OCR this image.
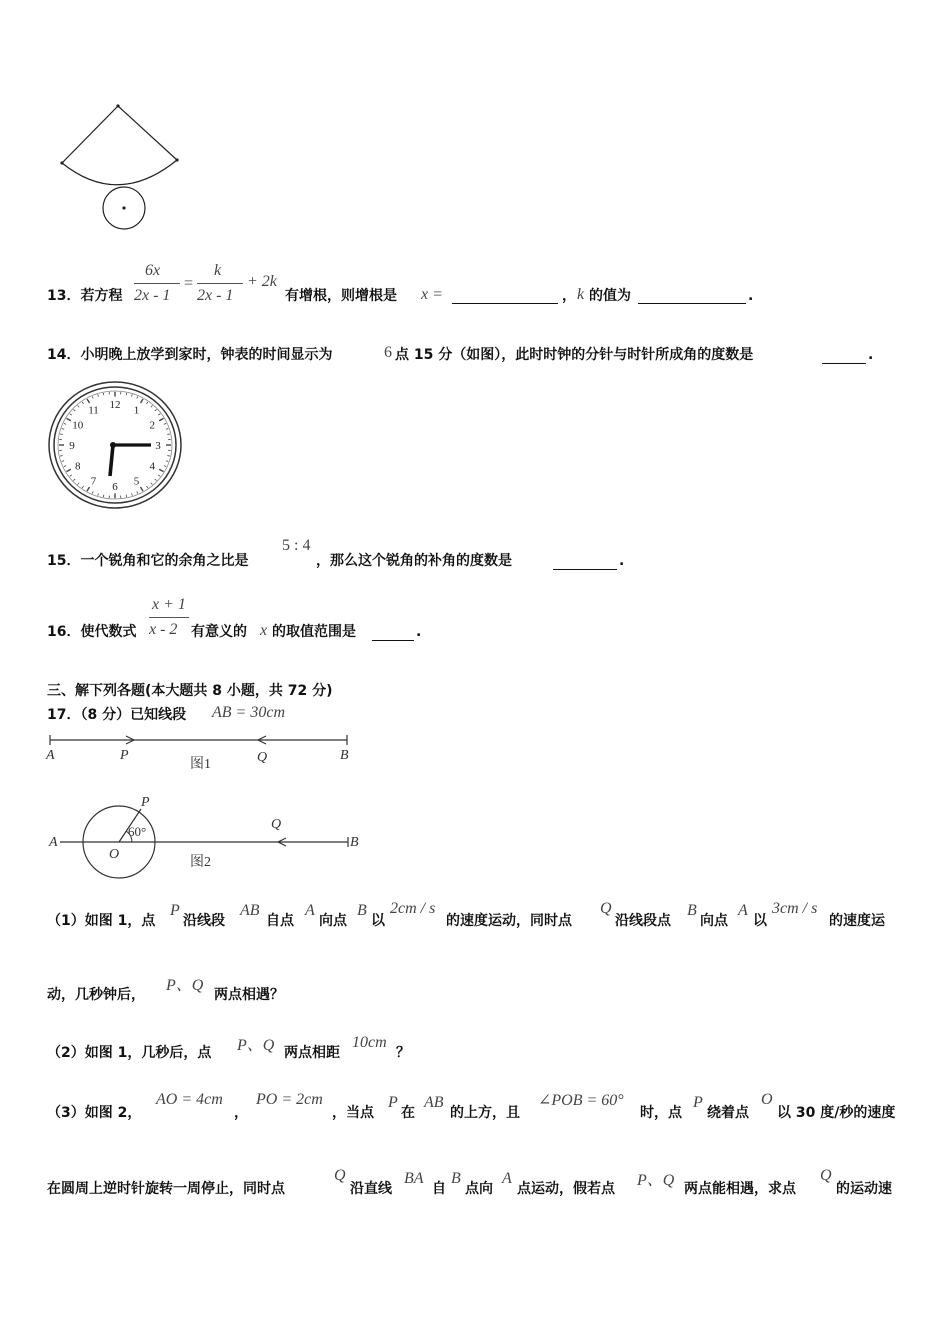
13．若方程
6x
2x - 1
=
k
2x - 1
+ 2k
有增根，则增根是 x =	， k 的值为	.
14．小明晚上放学到家时，钟表的时间显示为	6 点 15 分（如图），此时时钟的分针与时针所成角的度数是	.
12 1
2
3
4
5
6
7
8
9
10
11
15．一个锐角和它的余角之比是
5 : 4
，那么这个锐角的补角的度数是	.
x + 1
x - 2
16．使代数式	有意义的 x 的取值范围是	.
三、解下列各题(本大题共 8 小题，共 72 分)
17．（8 分）已知线段 AB = 30cm
A	P	Q	B
图1
A
P
O
60°	Q
B
图2
（1）如图 1，点
P
沿线段
AB
自点
A
向点
B
以
2cm / s
的速度运动，同时点
Q
沿线段点
B
向点
A
以
3cm / s
的速度运
动，几秒钟后，
P、Q
两点相遇？
（2）如图 1，几秒后，点 P、Q 两点相距
10cm
？
（3）如图 2，
AO = 4cm
，
PO = 2cm
，当点
P
在
AB
的上方，且
∠POB = 60°
时，点
P
绕着点
O
以 30 度/秒的速度
在圆周上逆时针旋转一周停止，同时点
Q
沿直线
BA
自
B
点向
A
点运动，假若点 P、Q 两点能相遇，求点
Q
的运动速
